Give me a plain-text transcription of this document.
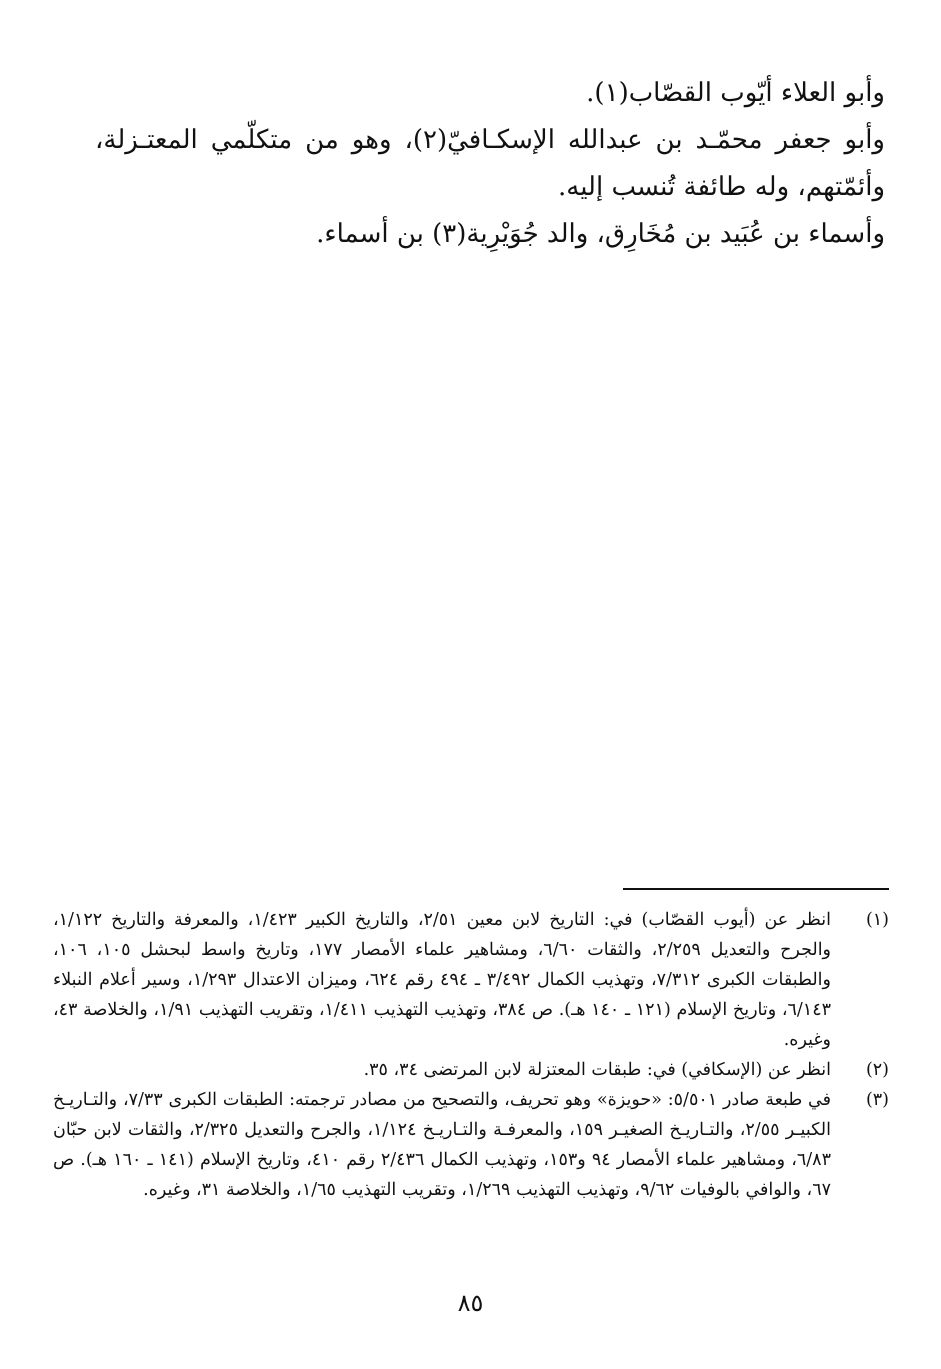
وأبو العلاء أيّوب القصّاب(١).

وأبو جعفر محمّـد بن عبدالله الإسكـافيّ(٢)، وهو من متكلّمي المعتـزلة، وأئمّتهم، وله طائفة تُنسب إليه.

وأسماء بن عُبَيد بن مُخَارِق، والد جُوَيْرِية(٣) بن أسماء.

(١)
انظر عن (أيوب القصّاب) في: التاريخ لابن معين ٢/٥١، والتاريخ الكبير ١/٤٢٣، والمعرفة والتاريخ ١/١٢٢، والجرح والتعديل ٢/٢٥٩، والثقات ٦/٦٠، ومشاهير علماء الأمصار ١٧٧، وتاريخ واسط لبحشل ١٠٥، ١٠٦، والطبقات الكبرى ٧/٣١٢، وتهذيب الكمال ٣/٤٩٢ ـ ٤٩٤ رقم ٦٢٤، وميزان الاعتدال ١/٢٩٣، وسير أعلام النبلاء ٦/١٤٣، وتاريخ الإسلام (١٢١ ـ ١٤٠ هـ). ص ٣٨٤، وتهذيب التهذيب ١/٤١١، وتقريب التهذيب ١/٩١، والخلاصة ٤٣، وغيره.
(٢)
انظر عن (الإسكافي) في: طبقات المعتزلة لابن المرتضى ٣٤، ٣٥.
(٣)
في طبعة صادر ٥/٥٠١: «حويزة» وهو تحريف، والتصحيح من مصادر ترجمته: الطبقات الكبرى ٧/٣٣، والتـاريـخ الكبيـر ٢/٥٥، والتـاريـخ الصغيـر ١٥٩، والمعرفـة والتـاريـخ ١/١٢٤، والجرح والتعديل ٢/٣٢٥، والثقات لابن حبّان ٦/٨٣، ومشاهير علماء الأمصار ٩٤ و١٥٣، وتهذيب الكمال ٢/٤٣٦ رقم ٤١٠، وتاريخ الإسلام (١٤١ ـ ١٦٠ هـ). ص ٦٧، والوافي بالوفيات ٩/٦٢، وتهذيب التهذيب ١/٢٦٩، وتقريب التهذيب ١/٦٥، والخلاصة ٣١، وغيره.
٨٥
